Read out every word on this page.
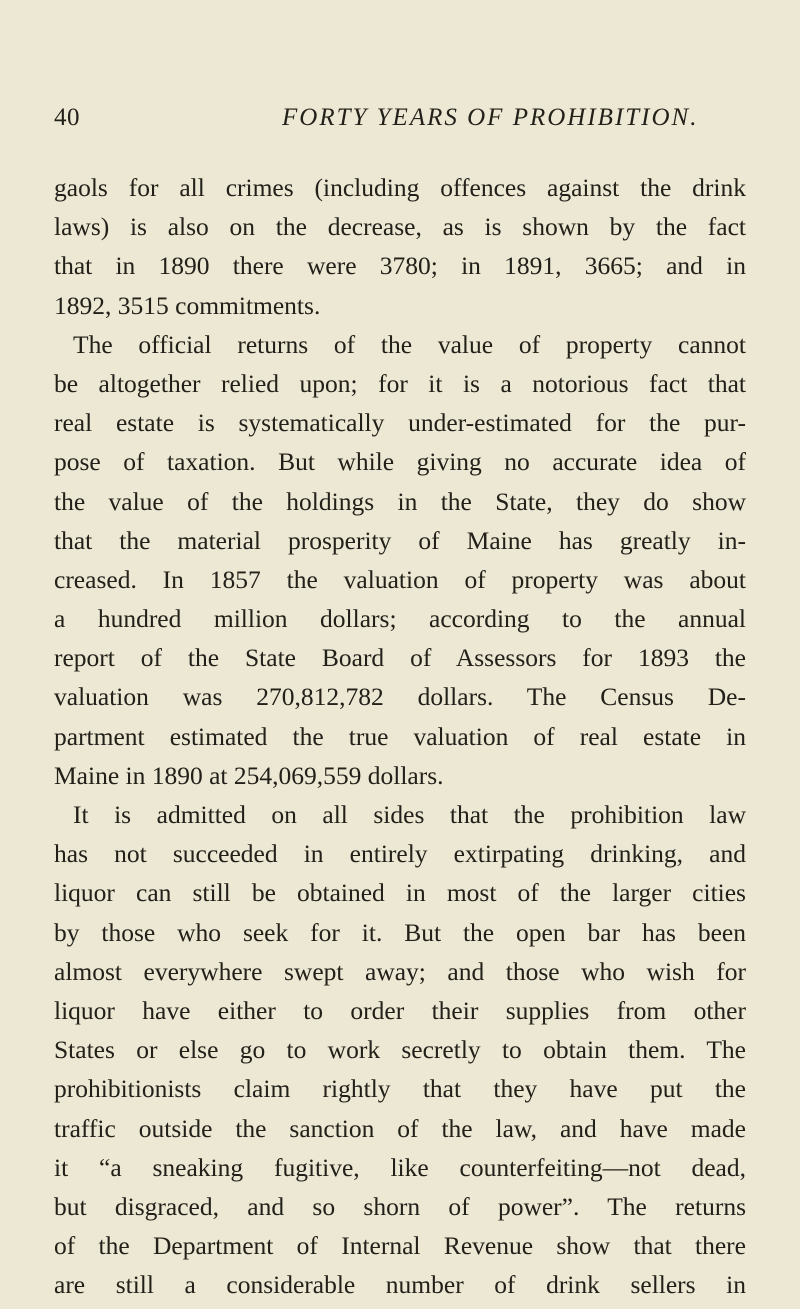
40	FORTY YEARS OF PROHIBITION.
gaols for all crimes (including offences against the drink
laws) is also on the decrease, as is shown by the fact
that in 1890 there were 3780; in 1891, 3665; and in
1892, 3515 commitments.
The official returns of the value of property cannot
be altogether relied upon; for it is a notorious fact that
real estate is systematically under-estimated for the pur-
pose of taxation. But while giving no accurate idea of
the value of the holdings in the State, they do show
that the material prosperity of Maine has greatly in-
creased. In 1857 the valuation of property was about
a hundred million dollars; according to the annual
report of the State Board of Assessors for 1893 the
valuation was 270,812,782 dollars. The Census De-
partment estimated the true valuation of real estate in
Maine in 1890 at 254,069,559 dollars.
It is admitted on all sides that the prohibition law
has not succeeded in entirely extirpating drinking, and
liquor can still be obtained in most of the larger cities
by those who seek for it. But the open bar has been
almost everywhere swept away; and those who wish for
liquor have either to order their supplies from other
States or else go to work secretly to obtain them. The
prohibitionists claim rightly that they have put the
traffic outside the sanction of the law, and have made
it “a sneaking fugitive, like counterfeiting—not dead,
but disgraced, and so shorn of power”. The returns
of the Department of Internal Revenue show that there
are still a considerable number of drink sellers in
